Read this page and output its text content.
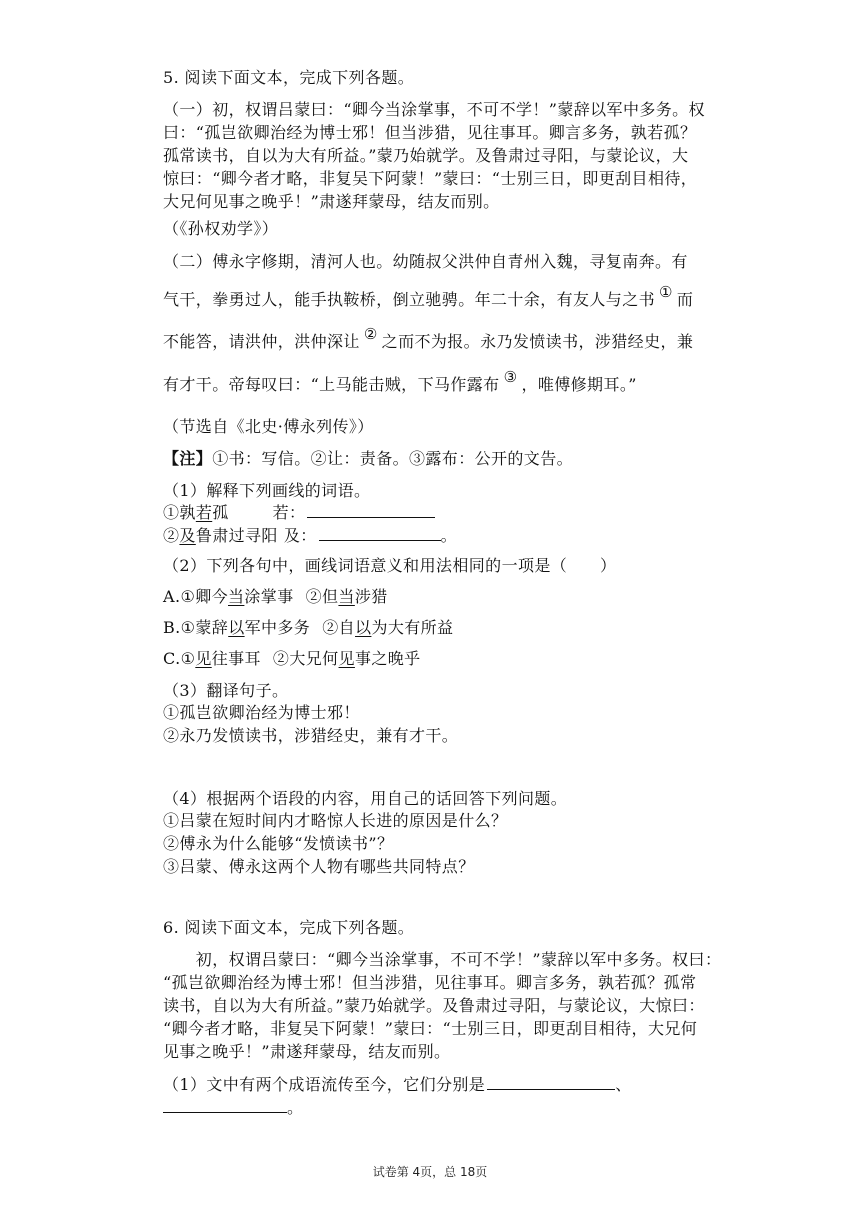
5. 阅读下面文本，完成下列各题。
（一）初，权谓吕蒙曰：“卿今当涂掌事，不可不学！”蒙辞以军中多务。权
曰：“孤岂欲卿治经为博士邪！但当涉猎，见往事耳。卿言多务，孰若孤？
孤常读书，自以为大有所益。”蒙乃始就学。及鲁肃过寻阳，与蒙论议，大
惊曰：“卿今者才略，非复吴下阿蒙！”蒙曰：“士别三日，即更刮目相待，
大兄何见事之晚乎！”肃遂拜蒙母，结友而别。
（《孙权劝学》）
（二）傅永字修期，清河人也。幼随叔父洪仲自青州入魏，寻复南奔。有
气干，拳勇过人，能手执鞍桥，倒立驰骋。年二十余，有友人与之书 ① 而
不能答，请洪仲，洪仲深让 ② 之而不为报。永乃发愤读书，涉猎经史，兼
有才干。帝每叹曰：“上马能击贼，下马作露布 ③ ，唯傅修期耳。”
（节选自《北史·傅永列传》）
【注】①书：写信。②让：责备。③露布：公开的文告。
（1）解释下列画线的词语。
①孰若孤	若：
②及鲁肃过寻阳 及：	。
（2）下列各句中，画线词语意义和用法相同的一项是（　　）
A.①卿今当涂掌事 ②但当涉猎
B.①蒙辞以军中多务 ②自以为大有所益
C.①见往事耳 ②大兄何见事之晚乎
（3）翻译句子。
①孤岂欲卿治经为博士邪！
②永乃发愤读书，涉猎经史，兼有才干。
（4）根据两个语段的内容，用自己的话回答下列问题。
①吕蒙在短时间内才略惊人长进的原因是什么？
②傅永为什么能够“发愤读书”？
③吕蒙、傅永这两个人物有哪些共同特点？
6. 阅读下面文本，完成下列各题。
　　初，权谓吕蒙曰：“卿今当涂掌事，不可不学！”蒙辞以军中多务。权曰：
“孤岂欲卿治经为博士邪！但当涉猎，见往事耳。卿言多务，孰若孤？孤常
读书，自以为大有所益。”蒙乃始就学。及鲁肃过寻阳，与蒙论议，大惊曰：
“卿今者才略，非复吴下阿蒙！”蒙曰：“士别三日，即更刮目相待，大兄何
见事之晚乎！”肃遂拜蒙母，结友而别。
（1）文中有两个成语流传至今，它们分别是	、
。
试卷第 4页，总 18页
